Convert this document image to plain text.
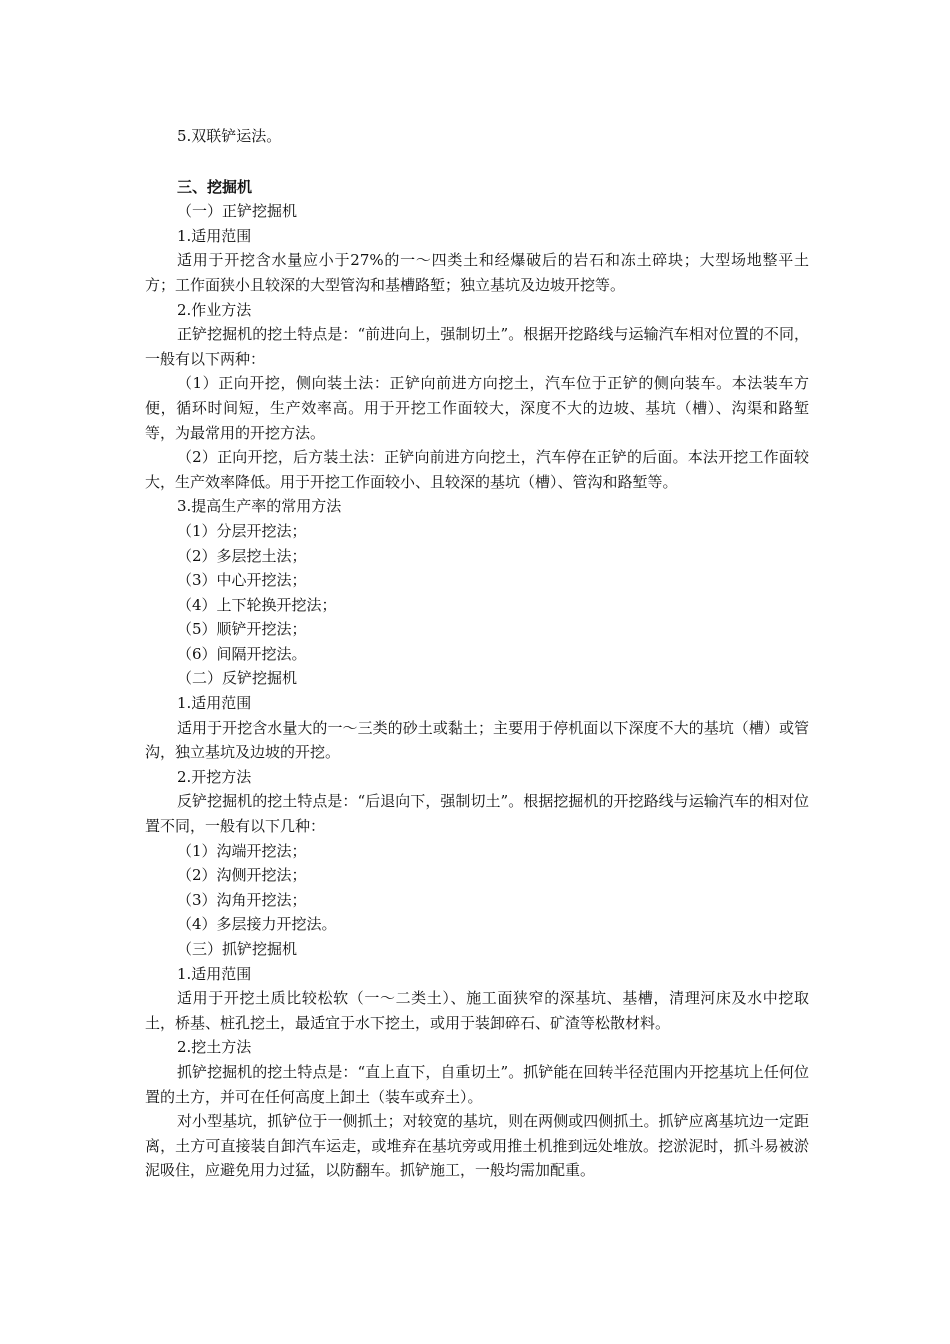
5.双联铲运法。
三、挖掘机
（一）正铲挖掘机
1.适用范围

适用于开挖含水量应小于27%的一～四类土和经爆破后的岩石和冻土碎块；大型场地整平土方；工作面狭小且较深的大型管沟和基槽路堑；独立基坑及边坡开挖等。

2.作业方法

正铲挖掘机的挖土特点是：“前进向上，强制切土”。根据开挖路线与运输汽车相对位置的不同，一般有以下两种：

（1）正向开挖，侧向装土法：正铲向前进方向挖土，汽车位于正铲的侧向装车。本法装车方便，循环时间短，生产效率高。用于开挖工作面较大，深度不大的边坡、基坑（槽）、沟渠和路堑等，为最常用的开挖方法。

（2）正向开挖，后方装土法：正铲向前进方向挖土，汽车停在正铲的后面。本法开挖工作面较大，生产效率降低。用于开挖工作面较小、且较深的基坑（槽）、管沟和路堑等。

3.提高生产率的常用方法
（1）分层开挖法；
（2）多层挖土法；
（3）中心开挖法；
（4）上下轮换开挖法；
（5）顺铲开挖法；
（6）间隔开挖法。
（二）反铲挖掘机
1.适用范围

适用于开挖含水量大的一～三类的砂土或黏土；主要用于停机面以下深度不大的基坑（槽）或管沟，独立基坑及边坡的开挖。

2.开挖方法

反铲挖掘机的挖土特点是：“后退向下，强制切土”。根据挖掘机的开挖路线与运输汽车的相对位置不同，一般有以下几种：

（1）沟端开挖法；
（2）沟侧开挖法；
（3）沟角开挖法；
（4）多层接力开挖法。
（三）抓铲挖掘机
1.适用范围

适用于开挖土质比较松软（一～二类土）、施工面狭窄的深基坑、基槽，清理河床及水中挖取土，桥基、桩孔挖土，最适宜于水下挖土，或用于装卸碎石、矿渣等松散材料。

2.挖土方法

抓铲挖掘机的挖土特点是：“直上直下，自重切土”。抓铲能在回转半径范围内开挖基坑上任何位置的土方，并可在任何高度上卸土（装车或弃土）。

对小型基坑，抓铲位于一侧抓土；对较宽的基坑，则在两侧或四侧抓土。抓铲应离基坑边一定距离，土方可直接装自卸汽车运走，或堆弃在基坑旁或用推土机推到远处堆放。挖淤泥时，抓斗易被淤泥吸住，应避免用力过猛，以防翻车。抓铲施工，一般均需加配重。
